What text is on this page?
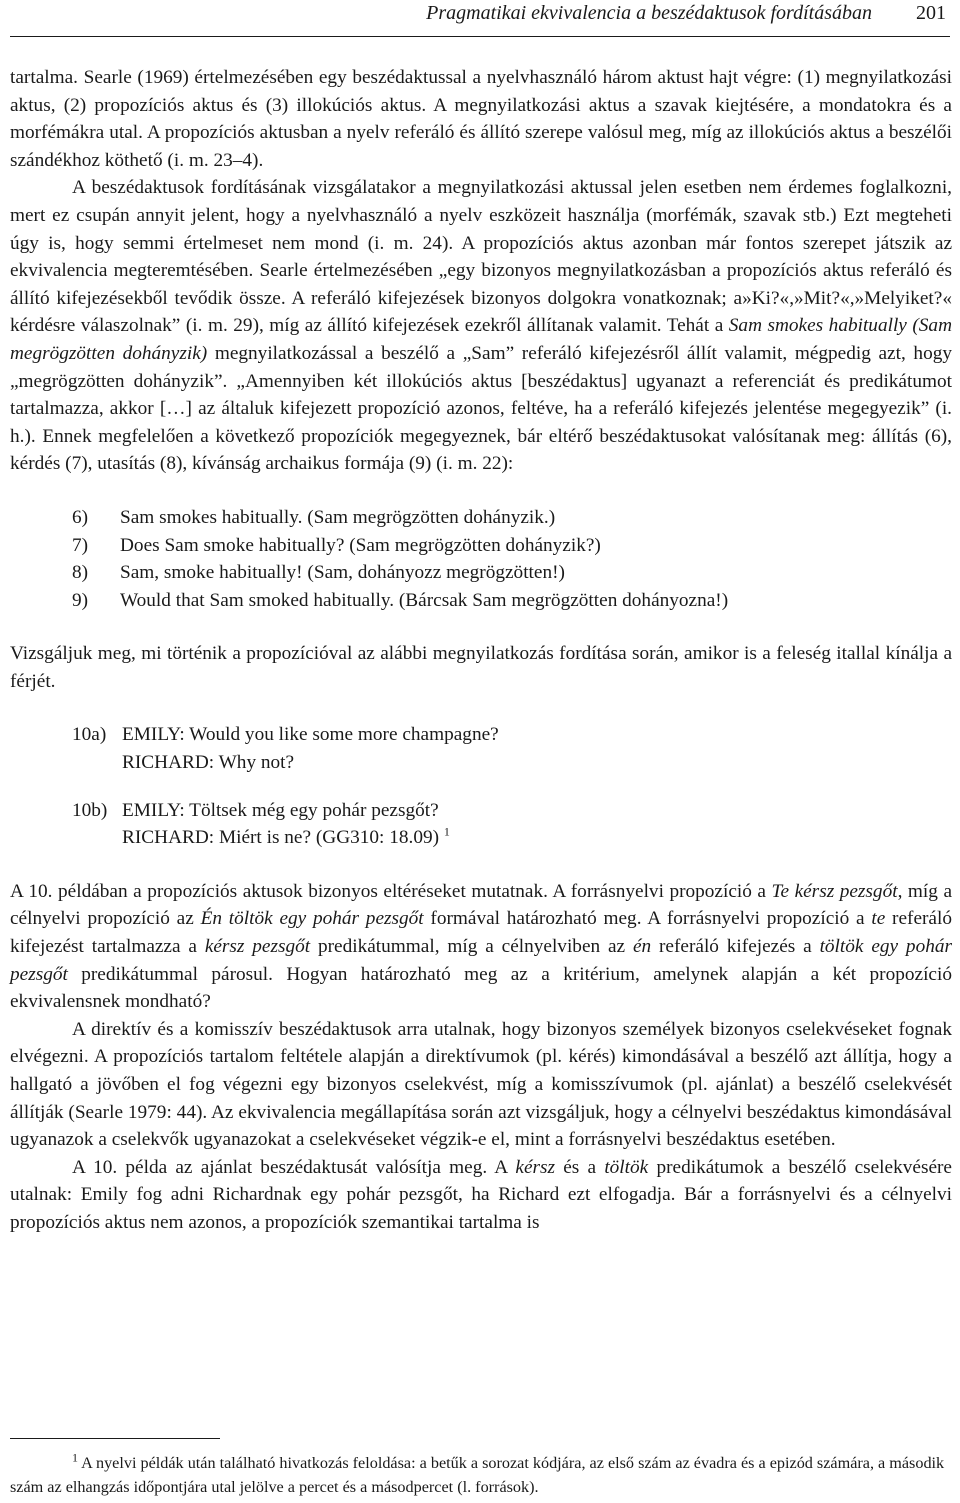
Pragmatikai ekvivalencia a beszédaktusok fordításában 201

tartalma. Searle (1969) értelmezésében egy beszédaktussal a nyelvhasználó három aktust hajt végre: (1) megnyilatkozási aktus, (2) propozíciós aktus és (3) illokúciós aktus. A megnyilatkozási aktus a szavak kiejtésére, a mondatokra és a morfémákra utal. A propozíciós aktusban a nyelv referáló és állító szerepe valósul meg, míg az illokúciós aktus a beszélői szándékhoz köthető (i. m. 23–4).

A beszédaktusok fordításának vizsgálatakor a megnyilatkozási aktussal jelen esetben nem érdemes foglalkozni, mert ez csupán annyit jelent, hogy a nyelvhasználó a nyelv eszközeit használja (morfémák, szavak stb.) Ezt megteheti úgy is, hogy semmi értelmeset nem mond (i. m. 24). A propozíciós aktus azonban már fontos szerepet játszik az ekvivalencia megteremtésében. Searle értelmezésében „egy bizonyos megnyilatkozásban a propozíciós aktus referáló és állító kifejezésekből tevődik össze. A referáló kifejezések bizonyos dolgokra vonatkoznak; a»Ki?«,»Mit?«,»Melyiket?« kérdésre válaszolnak” (i. m. 29), míg az állító kifejezések ezekről állítanak valamit. Tehát a Sam smokes habitually (Sam megrögzötten dohányzik) megnyilatkozással a beszélő a „Sam” referáló kifejezésről állít valamit, mégpedig azt, hogy „megrögzötten dohányzik”. „Amennyiben két illokúciós aktus [beszédaktus] ugyanazt a referenciát és predikátumot tartalmazza, akkor […] az általuk kifejezett propozíció azonos, feltéve, ha a referáló kifejezés jelentése megegyezik” (i. h.). Ennek megfelelően a következő propozíciók megegyeznek, bár eltérő beszédaktusokat valósítanak meg: állítás (6), kérdés (7), utasítás (8), kívánság archaikus formája (9) (i. m. 22):

6) Sam smokes habitually. (Sam megrögzötten dohányzik.)

7) Does Sam smoke habitually? (Sam megrögzötten dohányzik?)

8) Sam, smoke habitually! (Sam, dohányozz megrögzötten!)

9) Would that Sam smoked habitually. (Bárcsak Sam megrögzötten dohányozna!)

Vizsgáljuk meg, mi történik a propozícióval az alábbi megnyilatkozás fordítása során, amikor is a feleség itallal kínálja a férjét.

10a) EMILY: Would you like some more champagne?
RICHARD: Why not?
10b) EMILY: Töltsek még egy pohár pezsgőt?
RICHARD: Miért is ne? (GG310: 18.09) $^1$

A 10. példában a propozíciós aktusok bizonyos eltéréseket mutatnak. A forrásnyelvi propozíció a Te kérsz pezsgőt, míg a célnyelvi propozíció az Én töltök egy pohár pezsgőt formával határozható meg. A forrásnyelvi propozíció a te referáló kifejezést tartalmazza a kérsz pezsgőt predikátummal, míg a célnyelviben az én referáló kifejezés a töltök egy pohár pezsgőt predikátummal párosul. Hogyan határozható meg az a kritérium, amelynek alapján a két propozíció ekvivalensnek mondható?

A direktív és a komisszív beszédaktusok arra utalnak, hogy bizonyos személyek bizonyos cselekvéseket fognak elvégezni. A propozíciós tartalom feltétele alapján a direktívumok (pl. kérés) kimondásával a beszélő azt állítja, hogy a hallgató a jövőben el fog végezni egy bizonyos cselekvést, míg a komisszívumok (pl. ajánlat) a beszélő cselekvését állítják (Searle 1979: 44). Az ekvivalencia megállapítása során azt vizsgáljuk, hogy a célnyelvi beszédaktus kimondásával ugyanazok a cselekvők ugyanazokat a cselekvéseket végzik-e el, mint a forrásnyelvi beszédaktus esetében.

A 10. példa az ajánlat beszédaktusát valósítja meg. A kérsz és a töltök predikátumok a beszélő cselekvésére utalnak: Emily fog adni Richardnak egy pohár pezsgőt, ha Richard ezt elfogadja. Bár a forrásnyelvi és a célnyelvi propozíciós aktus nem azonos, a propozíciók szemantikai tartalma is

$^1$ A nyelvi példák után található hivatkozás feloldása: a betűk a sorozat kódjára, az első szám az évadra és a epizód számára, a második szám az elhangzás időpontjára utal jelölve a percet és a másodpercet (l. források).
